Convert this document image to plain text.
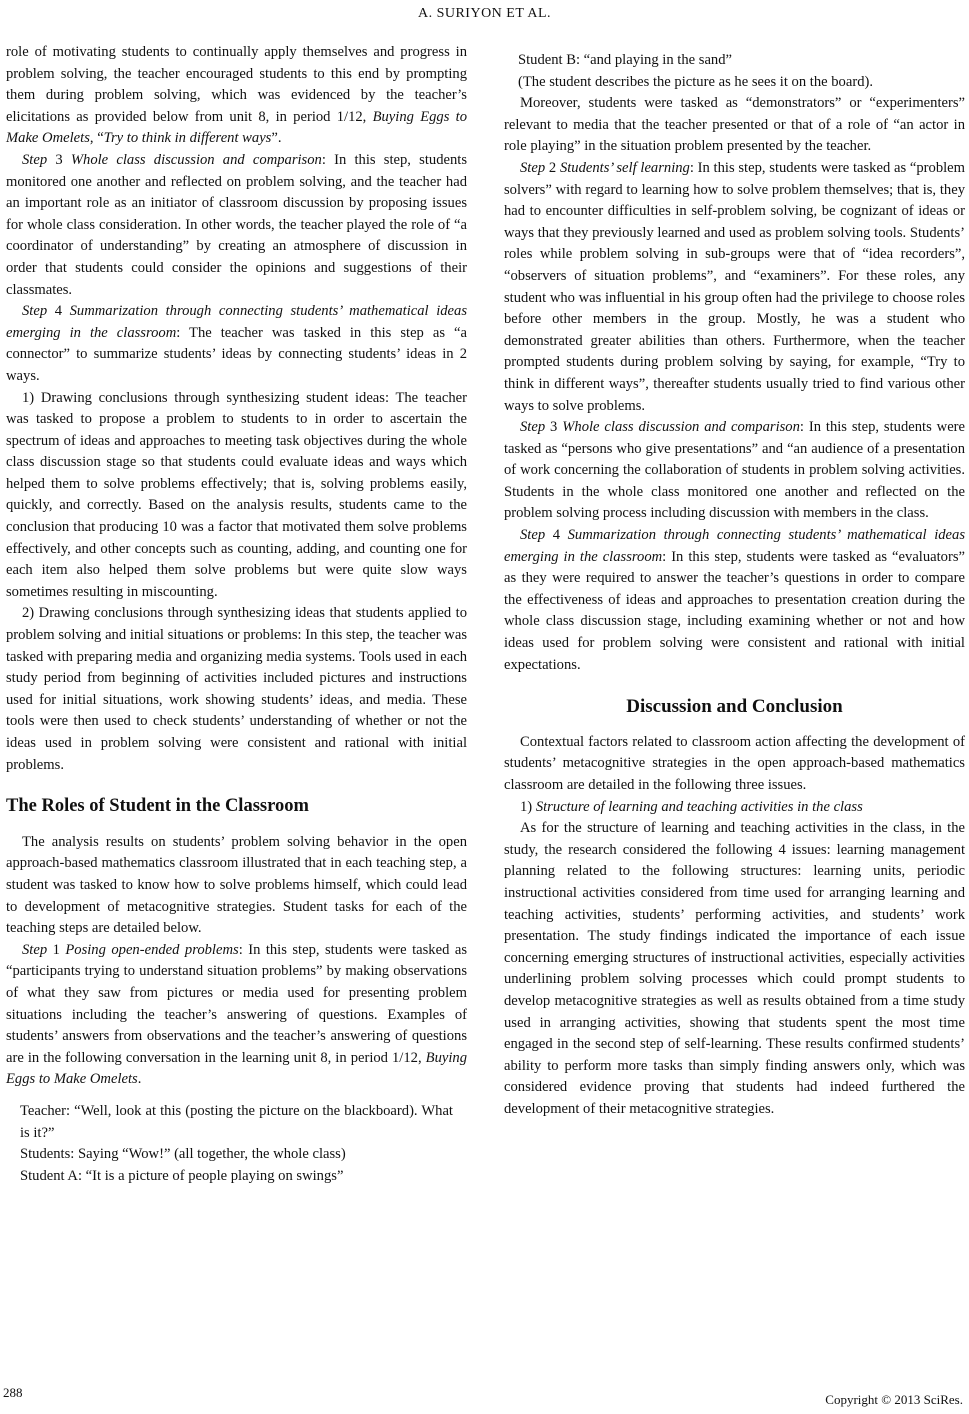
A. SURIYON ET AL.

role of motivating students to continually apply themselves and progress in problem solving, the teacher encouraged students to this end by prompting them during problem solving, which was evidenced by the teacher’s elicitations as provided below from unit 8, in period 1/12, Buying Eggs to Make Omelets, “Try to think in different ways”.

Step 3 Whole class discussion and comparison: In this step, students monitored one another and reflected on problem solving, and the teacher had an important role as an initiator of classroom discussion by proposing issues for whole class consideration. In other words, the teacher played the role of “a coordinator of understanding” by creating an atmosphere of discussion in order that students could consider the opinions and suggestions of their classmates.

Step 4 Summarization through connecting students’ mathematical ideas emerging in the classroom: The teacher was tasked in this step as “a connector” to summarize students’ ideas by connecting students’ ideas in 2 ways.

1) Drawing conclusions through synthesizing student ideas: The teacher was tasked to propose a problem to students to in order to ascertain the spectrum of ideas and approaches to meeting task objectives during the whole class discussion stage so that students could evaluate ideas and ways which helped them to solve problems effectively; that is, solving problems easily, quickly, and correctly. Based on the analysis results, students came to the conclusion that producing 10 was a factor that motivated them solve problems effectively, and other concepts such as counting, adding, and counting one for each item also helped them solve problems but were quite slow ways sometimes resulting in miscounting.

2) Drawing conclusions through synthesizing ideas that students applied to problem solving and initial situations or problems: In this step, the teacher was tasked with preparing media and organizing media systems. Tools used in each study period from beginning of activities included pictures and instructions used for initial situations, work showing students’ ideas, and media. These tools were then used to check students’ understanding of whether or not the ideas used in problem solving were consistent and rational with initial problems.

The Roles of Student in the Classroom

The analysis results on students’ problem solving behavior in the open approach-based mathematics classroom illustrated that in each teaching step, a student was tasked to know how to solve problems himself, which could lead to development of metacognitive strategies. Student tasks for each of the teaching steps are detailed below.

Step 1 Posing open-ended problems: In this step, students were tasked as “participants trying to understand situation problems” by making observations of what they saw from pictures or media used for presenting problem situations including the teacher’s answering of questions. Examples of students’ answers from observations and the teacher’s answering of questions are in the following conversation in the learning unit 8, in period 1/12, Buying Eggs to Make Omelets.

Teacher: “Well, look at this (posting the picture on the blackboard). What is it?”

Students: Saying “Wow!” (all together, the whole class)

Student A: “It is a picture of people playing on swings”

Student B: “and playing in the sand”

(The student describes the picture as he sees it on the board).

Moreover, students were tasked as “demonstrators” or “experimenters” relevant to media that the teacher presented or that of a role of “an actor in role playing” in the situation problem presented by the teacher.

Step 2 Students’ self learning: In this step, students were tasked as “problem solvers” with regard to learning how to solve problem themselves; that is, they had to encounter difficulties in self-problem solving, be cognizant of ideas or ways that they previously learned and used as problem solving tools. Students’ roles while problem solving in sub-groups were that of “idea recorders”, “observers of situation problems”, and “examiners”. For these roles, any student who was influential in his group often had the privilege to choose roles before other members in the group. Mostly, he was a student who demonstrated greater abilities than others. Furthermore, when the teacher prompted students during problem solving by saying, for example, “Try to think in different ways”, thereafter students usually tried to find various other ways to solve problems.

Step 3 Whole class discussion and comparison: In this step, students were tasked as “persons who give presentations” and “an audience of a presentation of work concerning the collaboration of students in problem solving activities. Students in the whole class monitored one another and reflected on the problem solving process including discussion with members in the class.

Step 4 Summarization through connecting students’ mathematical ideas emerging in the classroom: In this step, students were tasked as “evaluators” as they were required to answer the teacher’s questions in order to compare the effectiveness of ideas and approaches to presentation creation during the whole class discussion stage, including examining whether or not and how ideas used for problem solving were consistent and rational with initial expectations.

Discussion and Conclusion

Contextual factors related to classroom action affecting the development of students’ metacognitive strategies in the open approach-based mathematics classroom are detailed in the following three issues.

1) Structure of learning and teaching activities in the class

As for the structure of learning and teaching activities in the class, in the study, the research considered the following 4 issues: learning management planning related to the following structures: learning units, periodic instructional activities considered from time used for arranging learning and teaching activities, students’ performing activities, and students’ work presentation. The study findings indicated the importance of each issue concerning emerging structures of instructional activities, especially activities underlining problem solving processes which could prompt students to develop metacognitive strategies as well as results obtained from a time study used in arranging activities, showing that students spent the most time engaged in the second step of self-learning. These results confirmed students’ ability to perform more tasks than simply finding answers only, which was considered evidence proving that students had indeed furthered the development of their metacognitive strategies.

288	Copyright © 2013 SciRes.
